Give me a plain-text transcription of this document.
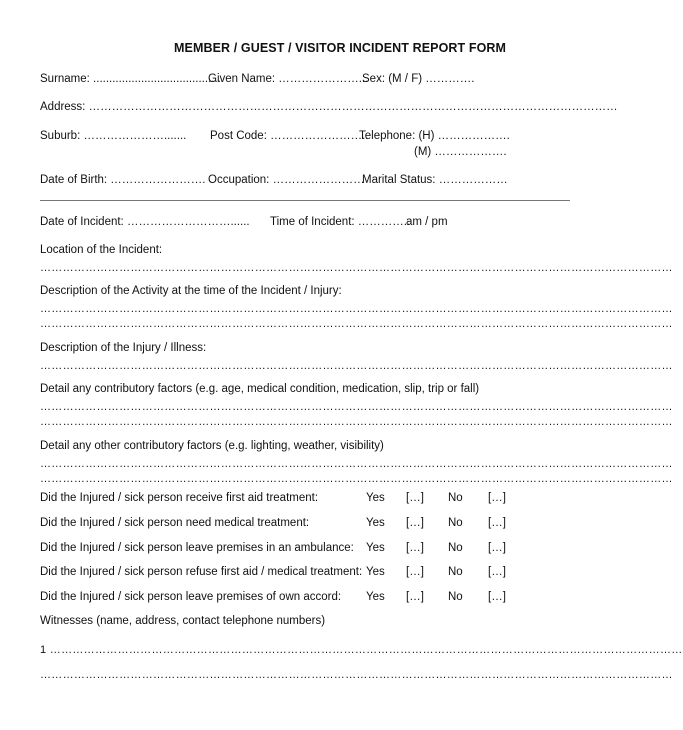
MEMBER / GUEST / VISITOR INCIDENT REPORT FORM
Surname: ........................................
Given Name: …………………...
Sex: (M / F) ………….
Address: …………………………………………………………………………………………………………………………
Suburb: …………………....... Post Code: ……………………..
Telephone: (H) ……………….
(M) ……………….
Date of Birth: ……………………. Occupation: ……………………
Marital Status: ………………
Date of Incident: ………………………...... Time of Incident: …………..
am / pm
Location of the Incident:
……………………………………………………………………………………………………………………………………………………
Description of the Activity at the time of the Incident / Injury:
……………………………………………………………………………………………………………………………………………………
……………………………………………………………………………………………………………………………………………………
Description of the Injury / Illness:
……………………………………………………………………………………………………………………………………………………
Detail any contributory factors (e.g. age, medical condition, medication, slip, trip or fall)
……………………………………………………………………………………………………………………………………………………
……………………………………………………………………………………………………………………………………………………
Detail any other contributory factors (e.g. lighting, weather, visibility)
……………………………………………………………………………………………………………………………………………………
……………………………………………………………………………………………………………………………………………………
Did the Injured / sick person receive first aid treatment:	Yes […] No […]
Did the Injured / sick person need medical treatment:	Yes […] No […]
Did the Injured / sick person leave premises in an ambulance: Yes […] No […]
Did the Injured / sick person refuse first aid / medical treatment: Yes […] No […]
Did the Injured / sick person leave premises of own accord: Yes […] No […]
Witnesses (name, address, contact telephone numbers)
1 ……………………………………………………………………………………………………………………………………………………
……………………………………………………………………………………………………………………………………………………
